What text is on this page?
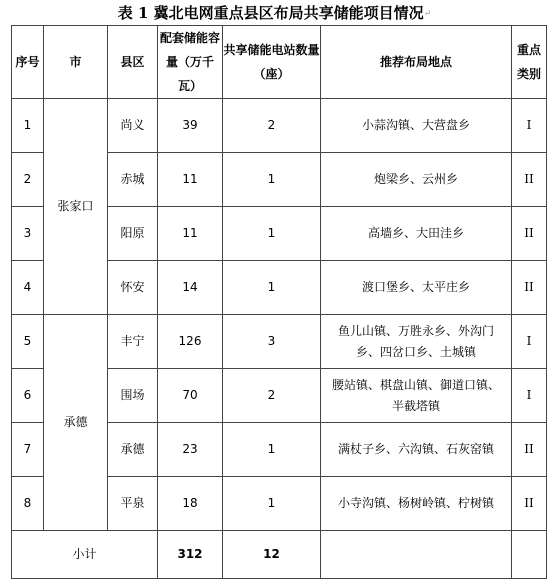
表 1 冀北电网重点县区布局共享储能项目情况↵
序号	市	县区	配套储能容量（万千瓦）	共享储能电站数量（座）	推荐布局地点	重点类别
1	张家口	尚义	39	2	小蒜沟镇、大营盘乡	I
2		赤城	11	1	炮梁乡、云州乡	II
3		阳原	11	1	高墙乡、大田洼乡	II
4		怀安	14	1	渡口堡乡、太平庄乡	II
5	承德	丰宁	126	3	鱼儿山镇、万胜永乡、外沟门乡、四岔口乡、土城镇	I
6		围场	70	2	腰站镇、棋盘山镇、御道口镇、半截塔镇	I
7		承德	23	1	满杖子乡、六沟镇、石灰窑镇	II
8		平泉	18	1	小寺沟镇、杨树岭镇、柠树镇	II
小计			312	12		
